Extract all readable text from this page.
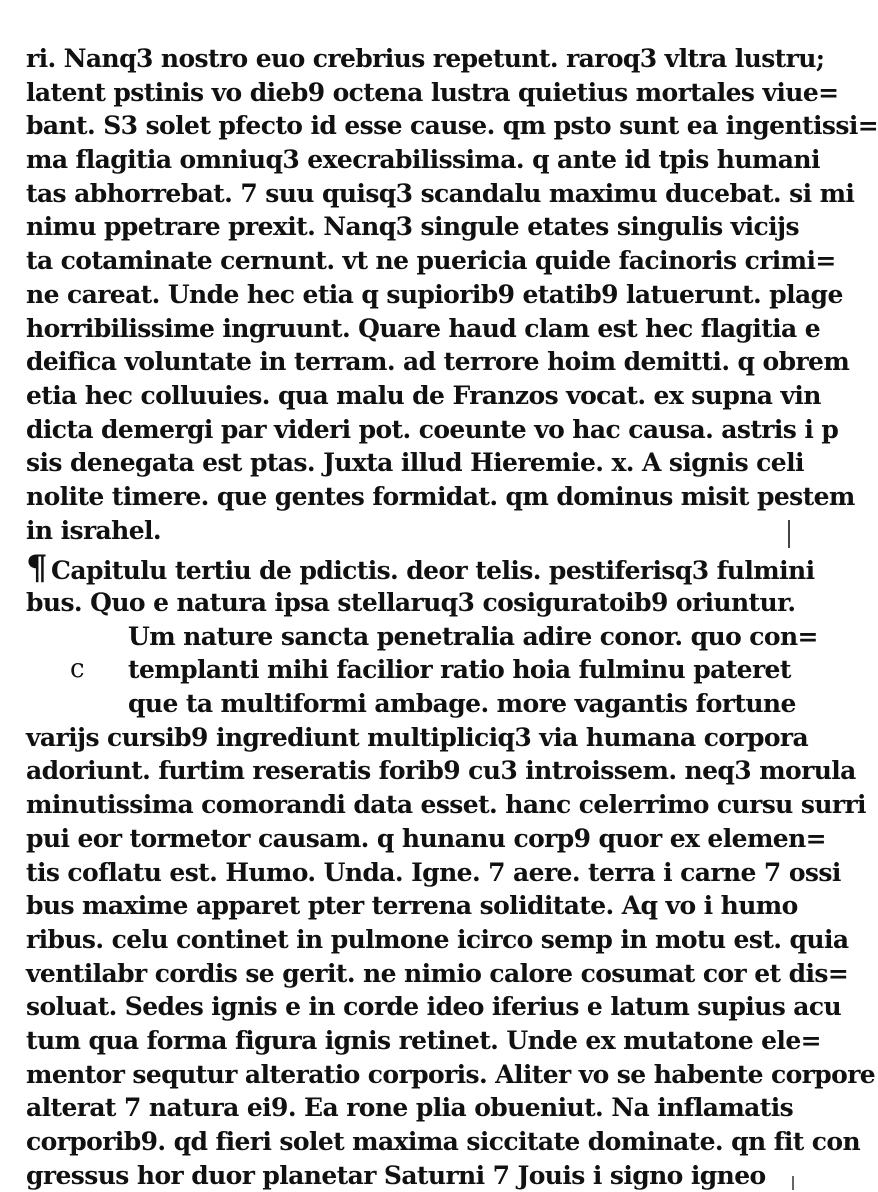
ri. Nanq3 nostro euo crebrius repetunt. raroq3 vltra lustru;
latent pstinis vo dieb9 octena lustra quietius mortales viue=
bant. S3 solet pfecto id esse cause. qm psto sunt ea ingentissi=
ma flagitia omniuq3 execrabilissima. q ante id tpis humani
tas abhorrebat. 7 suu quisq3 scandalu maximu ducebat. si mi
nimu ppetrare prexit. Nanq3 singule etates singulis vicijs
ta cotaminate cernunt. vt ne puericia quide facinoris crimi=
ne careat. Unde hec etia q supiorib9 etatib9 latuerunt. plage
horribilissime ingruunt. Quare haud clam est hec flagitia e
deifica voluntate in terram. ad terrore hoim demitti. q obrem
etia hec colluuies. qua malu de Franzos vocat. ex supna vin
dicta demergi par videri pot. coeunte vo hac causa. astris i p
sis denegata est ptas. Juxta illud Hieremie. x. A signis celi
nolite timere. que gentes formidat. qm dominus misit pestem
in israhel.
¶ Capitulu tertiu de pdictis. deor telis. pestiferisq3 fulmini
bus. Quo e natura ipsa stellaruq3 cosiguratoib9 oriuntur.
Um nature sancta penetralia adire conor. quo con=
c templanti mihi facilior ratio hoia fulminu pateret
que ta multiformi ambage. more vagantis fortune
varijs cursib9 ingrediunt multipliciq3 via humana corpora
adoriunt. furtim reseratis forib9 cu3 introissem. neq3 morula
minutissima comorandi data esset. hanc celerrimo cursu surri
pui eor tormetor causam. q hunanu corp9 quor ex elemen=
tis coflatu est. Humo. Unda. Igne. 7 aere. terra i carne 7 ossi
bus maxime apparet pter terrena soliditate. Aq vo i humo
ribus. celu continet in pulmone icirco semp in motu est. quia
ventilabr cordis se gerit. ne nimio calore cosumat cor et dis=
soluat. Sedes ignis e in corde ideo iferius e latum supius acu
tum qua forma figura ignis retinet. Unde ex mutatone ele=
mentor sequtur alteratio corporis. Aliter vo se habente corpore
alterat 7 natura ei9. Ea rone plia obueniut. Na inflamatis
corporib9. qd fieri solet maxima siccitate dominate. qn fit con
gressus hor duor planetar Saturni 7 Jouis i signo igneo
